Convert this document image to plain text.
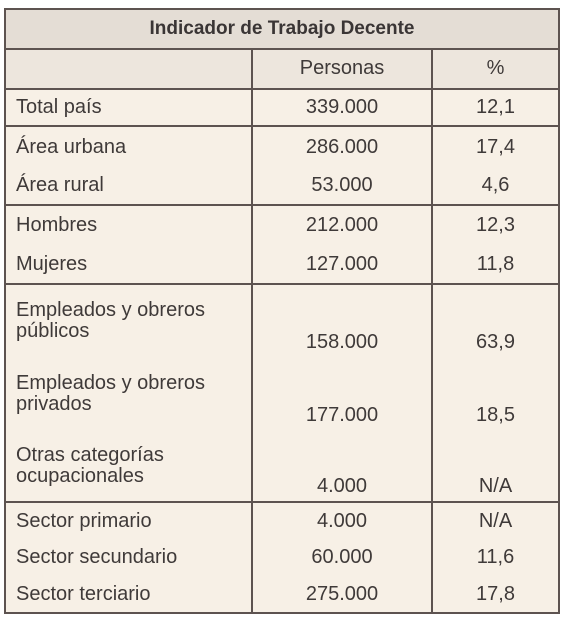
Indicador de Trabajo Decente		
	Personas	%
Total país	339.000	12,1
Área urbana	286.000	17,4
Área rural	53.000	4,6
Hombres	212.000	12,3
Mujeres	127.000	11,8

Empleados y obreros
públicos	158.000	63,9

Empleados y obreros
privados	177.000	18,5

Otras categorías
ocupacionales	4.000	N/A
Sector primario	4.000	N/A
Sector secundario	60.000	11,6
Sector terciario	275.000	17,8
